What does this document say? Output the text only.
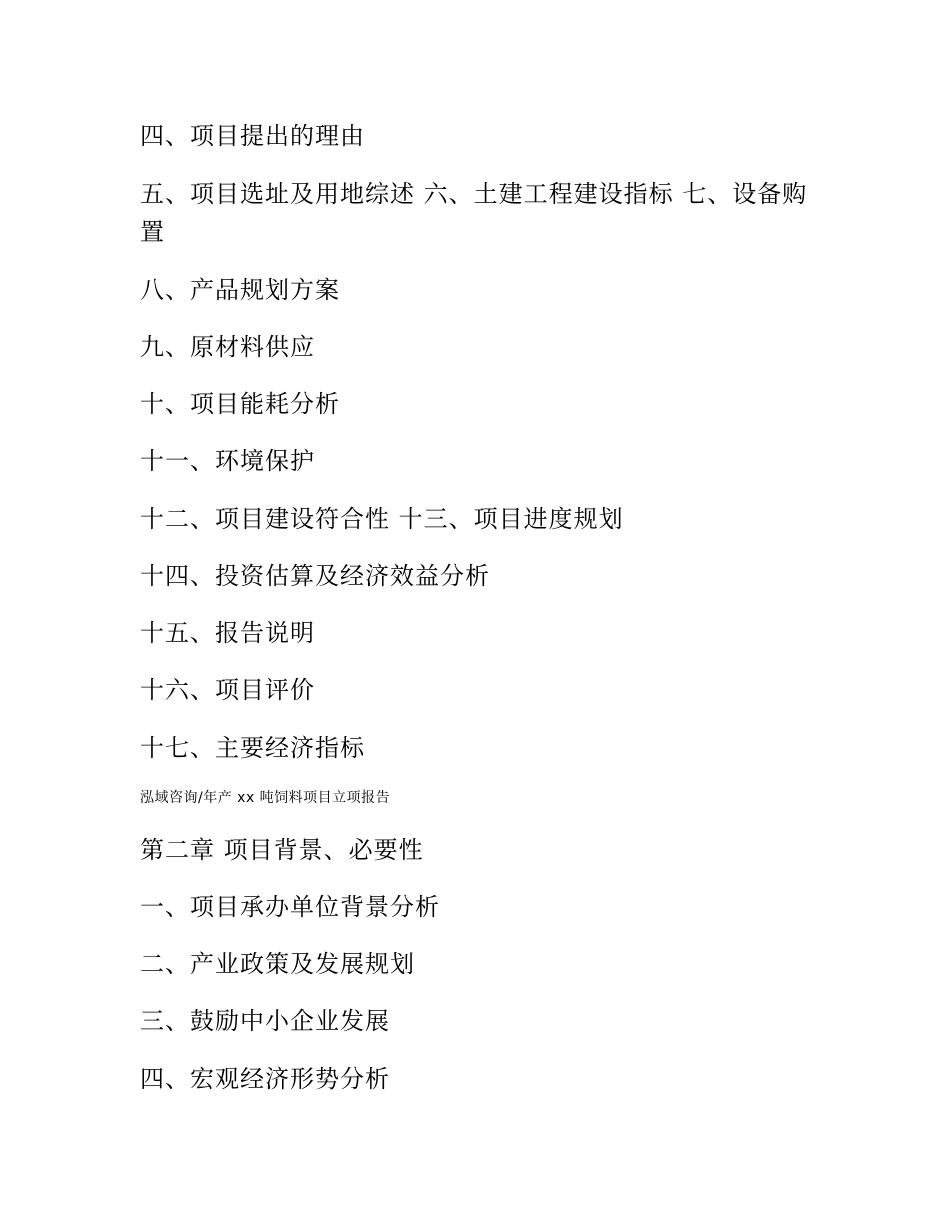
四、项目提出的理由

五、项目选址及用地综述 六、土建工程建设指标 七、设备购置

八、产品规划方案

九、原材料供应

十、项目能耗分析

十一、环境保护

十二、项目建设符合性 十三、项目进度规划

十四、投资估算及经济效益分析

十五、报告说明

十六、项目评价

十七、主要经济指标

泓域咨询/年产 xx 吨饲料项目立项报告

第二章 项目背景、必要性

一、项目承办单位背景分析

二、产业政策及发展规划

三、鼓励中小企业发展

四、宏观经济形势分析
